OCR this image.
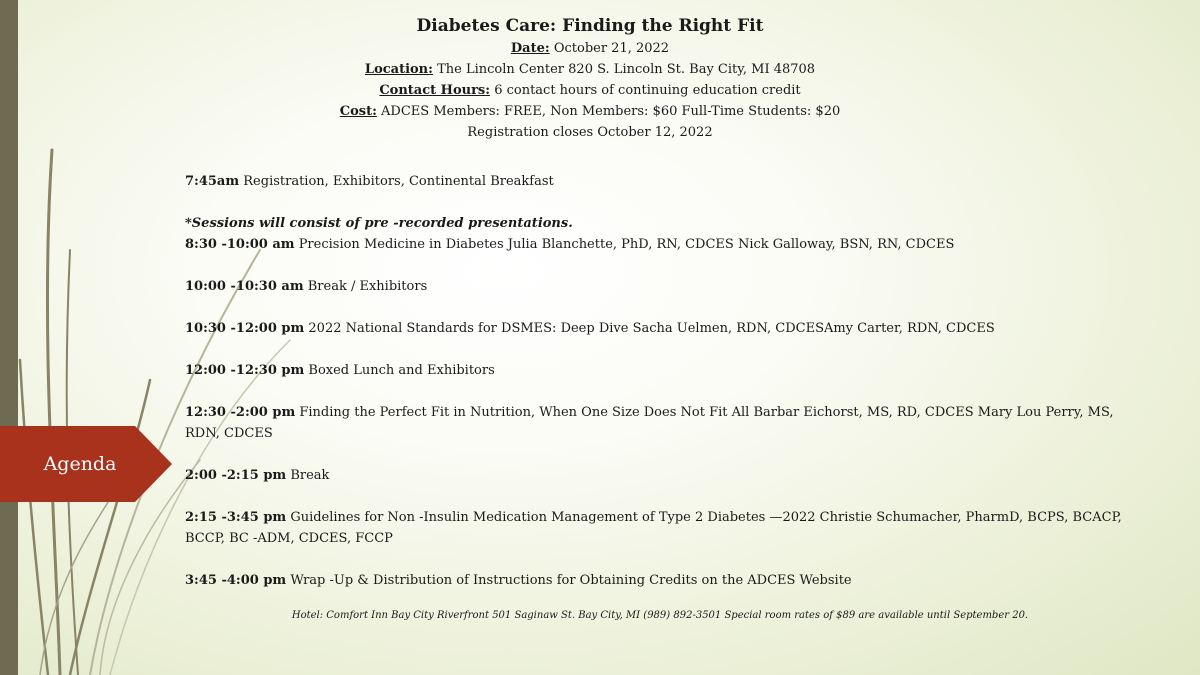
Agenda
Diabetes Care: Finding the Right Fit
Date: October 21, 2022
Location: The Lincoln Center 820 S. Lincoln St. Bay City, MI 48708
Contact Hours: 6 contact hours of continuing education credit
Cost: ADCES Members: FREE, Non Members: $60 Full-Time Students: $20
Registration closes October 12, 2022
7:45am Registration, Exhibitors, Continental Breakfast
*Sessions will consist of pre -recorded presentations.
8:30 -10:00 am Precision Medicine in Diabetes Julia Blanchette, PhD, RN, CDCES Nick Galloway, BSN, RN, CDCES
10:00 -10:30 am Break / Exhibitors
10:30 -12:00 pm 2022 National Standards for DSMES: Deep Dive Sacha Uelmen, RDN, CDCESAmy Carter, RDN, CDCES
12:00 -12:30 pm Boxed Lunch and Exhibitors
12:30 -2:00 pm Finding the Perfect Fit in Nutrition, When One Size Does Not Fit All Barbar Eichorst, MS, RD, CDCES Mary Lou Perry, MS, RDN, CDCES
2:00 -2:15 pm Break
2:15 -3:45 pm Guidelines for Non -Insulin Medication Management of Type 2 Diabetes —2022 Christie Schumacher, PharmD, BCPS, BCACP, BCCP, BC -ADM, CDCES, FCCP
3:45 -4:00 pm Wrap -Up & Distribution of Instructions for Obtaining Credits on the ADCES Website
Hotel: Comfort Inn Bay City Riverfront 501 Saginaw St. Bay City, MI (989) 892-3501 Special room rates of $89 are available until September 20.
